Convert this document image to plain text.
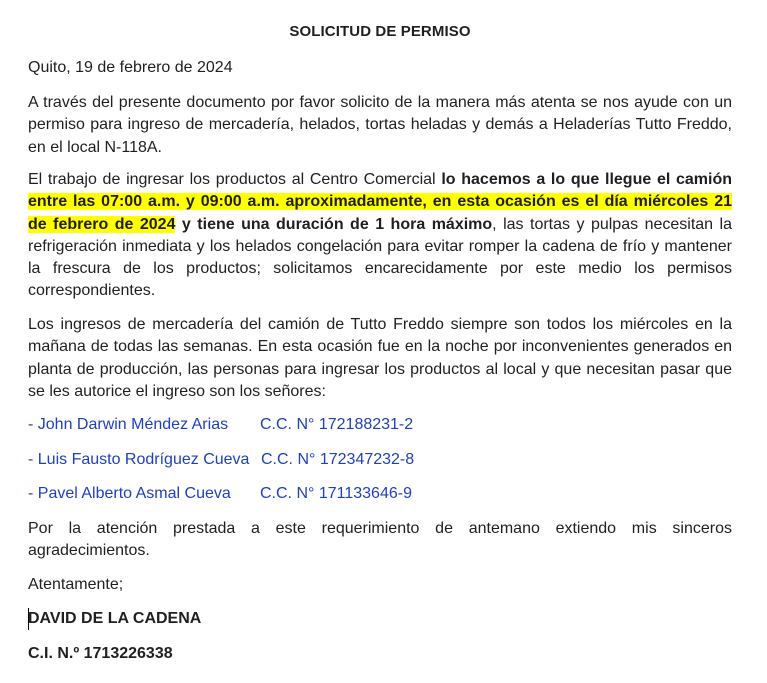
SOLICITUD DE PERMISO
Quito, 19 de febrero de 2024
A través del presente documento por favor solicito de la manera más atenta se nos ayude con un permiso para ingreso de mercadería, helados, tortas heladas y demás a Heladerías Tutto Freddo, en el local N-118A.
El trabajo de ingresar los productos al Centro Comercial lo hacemos a lo que llegue el camión entre las 07:00 a.m. y 09:00 a.m. aproximadamente, en esta ocasión es el día miércoles 21 de febrero de 2024 y tiene una duración de 1 hora máximo, las tortas y pulpas necesitan la refrigeración inmediata y los helados congelación para evitar romper la cadena de frío y mantener la frescura de los productos; solicitamos encarecidamente por este medio los permisos correspondientes.
Los ingresos de mercadería del camión de Tutto Freddo siempre son todos los miércoles en la mañana de todas las semanas. En esta ocasión fue en la noche por inconvenientes generados en planta de producción, las personas para ingresar los productos al local y que necesitan pasar que se les autorice el ingreso son los señores:
- John Darwin Méndez Arias C.C. N° 172188231-2
- Luis Fausto Rodríguez Cueva C.C. N° 172347232-8
- Pavel Alberto Asmal Cueva C.C. N° 171133646-9
Por la atención prestada a este requerimiento de antemano extiendo mis sinceros agradecimientos.
Atentamente;
DAVID DE LA CADENA
C.I. N.º 1713226338
